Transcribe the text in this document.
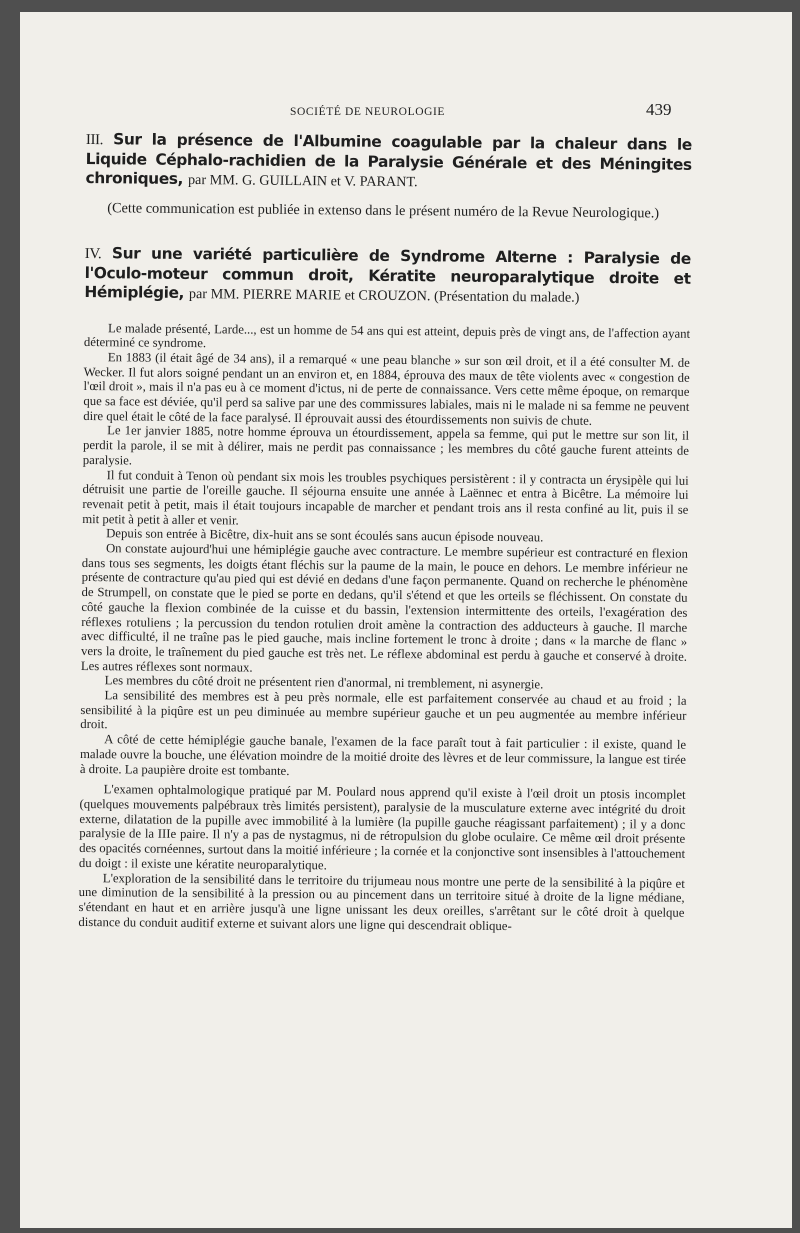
SOCIÉTÉ DE NEUROLOGIE	439

III. Sur la présence de l'Albumine coagulable par la chaleur dans le Liquide Céphalo-rachidien de la Paralysie Générale et des Méningites chroniques, par MM. G. GUILLAIN et V. PARANT.

(Cette communication est publiée in extenso dans le présent numéro de la Revue Neurologique.)

IV. Sur une variété particulière de Syndrome Alterne : Paralysie de l'Oculo-moteur commun droit, Kératite neuroparalytique droite et Hémiplégie, par MM. PIERRE MARIE et CROUZON. (Présentation du malade.)

Le malade présenté, Larde..., est un homme de 54 ans qui est atteint, depuis près de vingt ans, de l'affection ayant déterminé ce syndrome.

En 1883 (il était âgé de 34 ans), il a remarqué « une peau blanche » sur son œil droit, et il a été consulter M. de Wecker. Il fut alors soigné pendant un an environ et, en 1884, éprouva des maux de tête violents avec « congestion de l'œil droit », mais il n'a pas eu à ce moment d'ictus, ni de perte de connaissance. Vers cette même époque, on remarque que sa face est déviée, qu'il perd sa salive par une des commissures labiales, mais ni le malade ni sa femme ne peuvent dire quel était le côté de la face paralysé. Il éprouvait aussi des étourdissements non suivis de chute.

Le 1er janvier 1885, notre homme éprouva un étourdissement, appela sa femme, qui put le mettre sur son lit, il perdit la parole, il se mit à délirer, mais ne perdit pas connaissance ; les membres du côté gauche furent atteints de paralysie.

Il fut conduit à Tenon où pendant six mois les troubles psychiques persistèrent : il y contracta un érysipèle qui lui détruisit une partie de l'oreille gauche. Il séjourna ensuite une année à Laënnec et entra à Bicêtre. La mémoire lui revenait petit à petit, mais il était toujours incapable de marcher et pendant trois ans il resta confiné au lit, puis il se mit petit à petit à aller et venir.

Depuis son entrée à Bicêtre, dix-huit ans se sont écoulés sans aucun épisode nouveau.

On constate aujourd'hui une hémiplégie gauche avec contracture. Le membre supérieur est contracturé en flexion dans tous ses segments, les doigts étant fléchis sur la paume de la main, le pouce en dehors. Le membre inférieur ne présente de contracture qu'au pied qui est dévié en dedans d'une façon permanente. Quand on recherche le phénomène de Strumpell, on constate que le pied se porte en dedans, qu'il s'étend et que les orteils se fléchissent. On constate du côté gauche la flexion combinée de la cuisse et du bassin, l'extension intermittente des orteils, l'exagération des réflexes rotuliens ; la percussion du tendon rotulien droit amène la contraction des adducteurs à gauche. Il marche avec difficulté, il ne traîne pas le pied gauche, mais incline fortement le tronc à droite ; dans « la marche de flanc » vers la droite, le traînement du pied gauche est très net. Le réflexe abdominal est perdu à gauche et conservé à droite. Les autres réflexes sont normaux.

Les membres du côté droit ne présentent rien d'anormal, ni tremblement, ni asynergie.

La sensibilité des membres est à peu près normale, elle est parfaitement conservée au chaud et au froid ; la sensibilité à la piqûre est un peu diminuée au membre supérieur gauche et un peu augmentée au membre inférieur droit.

A côté de cette hémiplégie gauche banale, l'examen de la face paraît tout à fait particulier : il existe, quand le malade ouvre la bouche, une élévation moindre de la moitié droite des lèvres et de leur commissure, la langue est tirée à droite. La paupière droite est tombante.

L'examen ophtalmologique pratiqué par M. Poulard nous apprend qu'il existe à l'œil droit un ptosis incomplet (quelques mouvements palpébraux très limités persistent), paralysie de la musculature externe avec intégrité du droit externe, dilatation de la pupille avec immobilité à la lumière (la pupille gauche réagissant parfaitement) ; il y a donc paralysie de la IIIe paire. Il n'y a pas de nystagmus, ni de rétropulsion du globe oculaire. Ce même œil droit présente des opacités cornéennes, surtout dans la moitié inférieure ; la cornée et la conjonctive sont insensibles à l'attouchement du doigt : il existe une kératite neuroparalytique.

L'exploration de la sensibilité dans le territoire du trijumeau nous montre une perte de la sensibilité à la piqûre et une diminution de la sensibilité à la pression ou au pincement dans un territoire situé à droite de la ligne médiane, s'étendant en haut et en arrière jusqu'à une ligne unissant les deux oreilles, s'arrêtant sur le côté droit à quelque distance du conduit auditif externe et suivant alors une ligne qui descendrait oblique-
